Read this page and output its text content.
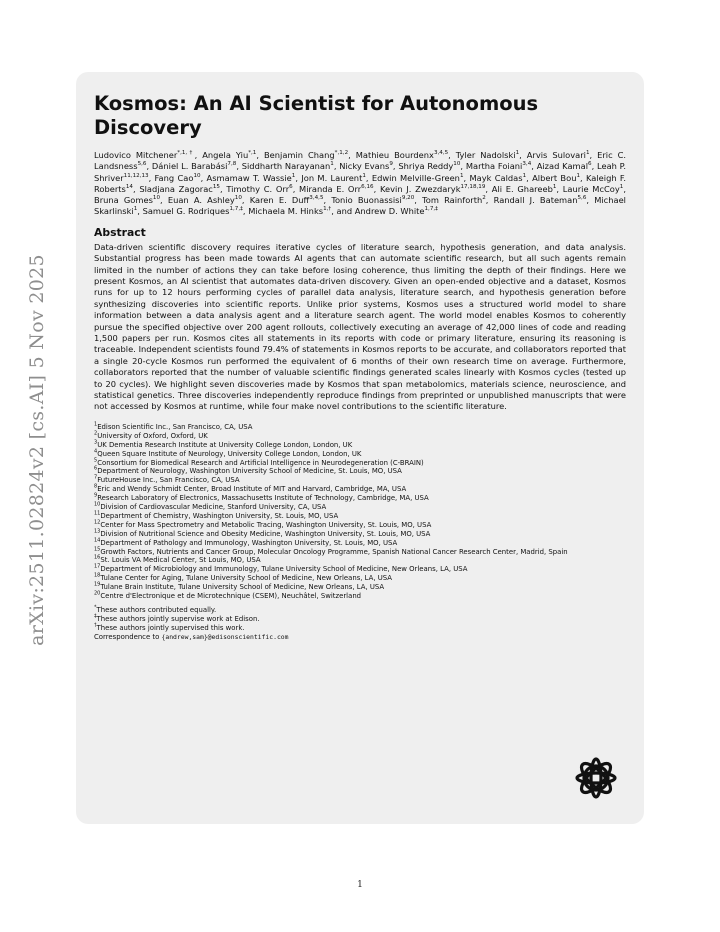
arXiv:2511.02824v2 [cs.AI] 5 Nov 2025
Kosmos: An AI Scientist for Autonomous Discovery

Ludovico Mitchener$^{*,1,\dagger}$, Angela Yiu$^{*,1}$, Benjamin Chang$^{*,1,2}$, Mathieu Bourdenx$^{3,4,5}$, Tyler Nadolski$^1$, Arvis Sulovari$^1$, Eric C. Landsness$^{5,6}$, Dániel L. Barabási$^{7,8}$, Siddharth Narayanan$^1$, Nicky Evans$^9$, Shriya Reddy$^{10}$, Martha Foiani$^{3,4}$, Aizad Kamal$^6$, Leah P. Shriver$^{11,12,13}$, Fang Cao$^{10}$, Asmamaw T. Wassie$^1$, Jon M. Laurent$^1$, Edwin Melville-Green$^1$, Mayk Caldas$^1$, Albert Bou$^1$, Kaleigh F. Roberts$^{14}$, Sladjana Zagorac$^{15}$, Timothy C. Orr$^6$, Miranda E. Orr$^{6,16}$, Kevin J. Zwezdaryk$^{17,18,19}$, Ali E. Ghareeb$^1$, Laurie McCoy$^1$, Bruna Gomes$^{10}$, Euan A. Ashley$^{10}$, Karen E. Duff$^{3,4,5}$, Tonio Buonassisi$^{9,20}$, Tom Rainforth$^2$, Randall J. Bateman$^{5,6}$, Michael Skarlinski$^1$, Samuel G. Rodriques$^{1,7,\ddagger}$, Michaela M. Hinks$^{1,\dagger}$, and Andrew D. White$^{1,7,\ddagger}$

Abstract

Data-driven scientific discovery requires iterative cycles of literature search, hypothesis generation, and data analysis. Substantial progress has been made towards AI agents that can automate scientific research, but all such agents remain limited in the number of actions they can take before losing coherence, thus limiting the depth of their findings. Here we present Kosmos, an AI scientist that automates data-driven discovery. Given an open-ended objective and a dataset, Kosmos runs for up to 12 hours performing cycles of parallel data analysis, literature search, and hypothesis generation before synthesizing discoveries into scientific reports. Unlike prior systems, Kosmos uses a structured world model to share information between a data analysis agent and a literature search agent. The world model enables Kosmos to coherently pursue the specified objective over 200 agent rollouts, collectively executing an average of 42,000 lines of code and reading 1,500 papers per run. Kosmos cites all statements in its reports with code or primary literature, ensuring its reasoning is traceable. Independent scientists found 79.4% of statements in Kosmos reports to be accurate, and collaborators reported that a single 20-cycle Kosmos run performed the equivalent of 6 months of their own research time on average. Furthermore, collaborators reported that the number of valuable scientific findings generated scales linearly with Kosmos cycles (tested up to 20 cycles). We highlight seven discoveries made by Kosmos that span metabolomics, materials science, neuroscience, and statistical genetics. Three discoveries independently reproduce findings from preprinted or unpublished manuscripts that were not accessed by Kosmos at runtime, while four make novel contributions to the scientific literature.

$^1$Edison Scientific Inc., San Francisco, CA, USA
$^2$University of Oxford, Oxford, UK
$^3$UK Dementia Research Institute at University College London, London, UK
$^4$Queen Square Institute of Neurology, University College London, London, UK
$^5$Consortium for Biomedical Research and Artificial Intelligence in Neurodegeneration (C-BRAIN)
$^6$Department of Neurology, Washington University School of Medicine, St. Louis, MO, USA
$^7$FutureHouse Inc., San Francisco, CA, USA
$^8$Eric and Wendy Schmidt Center, Broad Institute of MIT and Harvard, Cambridge, MA, USA
$^9$Research Laboratory of Electronics, Massachusetts Institute of Technology, Cambridge, MA, USA
$^{10}$Division of Cardiovascular Medicine, Stanford University, CA, USA
$^{11}$Department of Chemistry, Washington University, St. Louis, MO, USA
$^{12}$Center for Mass Spectrometry and Metabolic Tracing, Washington University, St. Louis, MO, USA
$^{13}$Division of Nutritional Science and Obesity Medicine, Washington University, St. Louis, MO, USA
$^{14}$Department of Pathology and Immunology, Washington University, St. Louis, MO, USA
$^{15}$Growth Factors, Nutrients and Cancer Group, Molecular Oncology Programme, Spanish National Cancer Research Center, Madrid, Spain
$^{16}$St. Louis VA Medical Center, St Louis, MO, USA
$^{17}$Department of Microbiology and Immunology, Tulane University School of Medicine, New Orleans, LA, USA
$^{18}$Tulane Center for Aging, Tulane University School of Medicine, New Orleans, LA, USA
$^{19}$Tulane Brain Institute, Tulane University School of Medicine, New Orleans, LA, USA
$^{20}$Centre d'Electronique et de Microtechnique (CSEM), Neuchâtel, Switzerland
*These authors contributed equally.
‡These authors jointly supervise work at Edison.
†These authors jointly supervised this work.
Correspondence to {andrew,sam}@edisonscientific.com
1
